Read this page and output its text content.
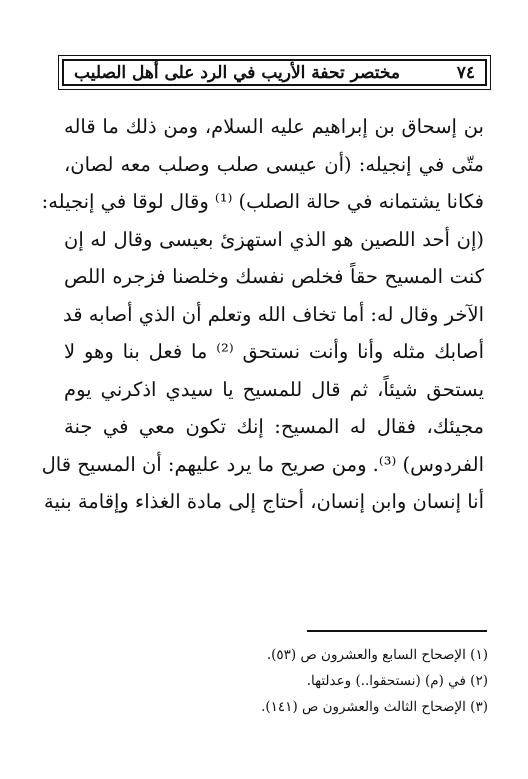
٧٤
مختصر تحفة الأريب في الرد على أهل الصليب
بن إسحاق بن إبراهيم عليه السلام، ومن ذلك ما قاله
متّى في إنجيله: (أن عيسى صلب وصلب معه لصان،
فكانا يشتمانه في حالة الصلب) ⁽¹⁾ وقال لوقا في إنجيله:
(إن أحد اللصين هو الذي استهزئ بعيسى وقال له إن
كنت المسيح حقاً فخلص نفسك وخلصنا فزجره اللص
الآخر وقال له: أما تخاف الله وتعلم أن الذي أصابه قد
أصابك مثله وأنا وأنت نستحق ⁽²⁾ ما فعل بنا وهو لا
يستحق شيئاً، ثم قال للمسيح يا سيدي اذكرني يوم
مجيئك، فقال له المسيح: إنك تكون معي في جنة
الفردوس) ⁽³⁾. ومن صريح ما يرد عليهم: أن المسيح قال
أنا إنسان وابن إنسان، أحتاج إلى مادة الغذاء وإقامة بنية
(١) الإصحاح السابع والعشرون ص (٥٣).
(٢) في (م) (نستحقوا..) وعدلتها.
(٣) الإصحاح الثالث والعشرون ص (١٤١).
